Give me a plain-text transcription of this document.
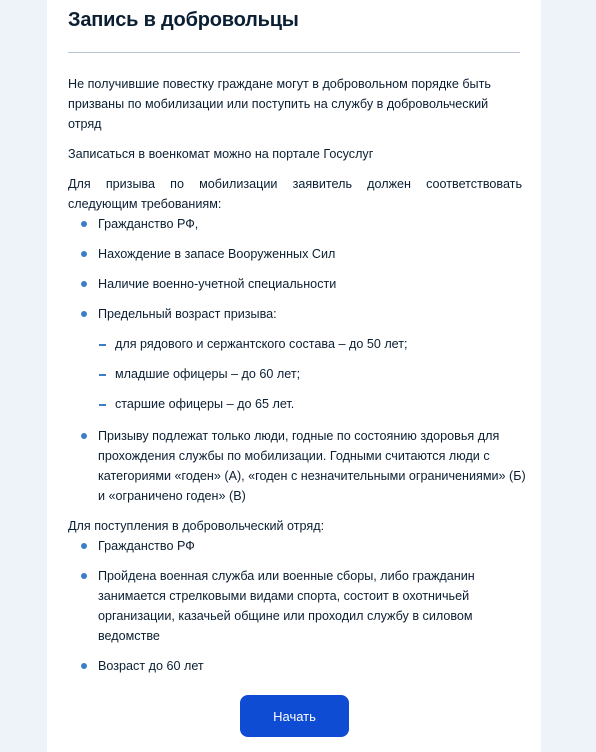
Запись в добровольцы

Не получившие повестку граждане могут в добровольном порядке быть призваны по мобилизации или поступить на службу в добровольческий отряд

Записаться в военкомат можно на портале Госуслуг

Для призыва по мобилизации заявитель должен соответствовать следующим требованиям:

Гражданство РФ,
Нахождение в запасе Вооруженных Сил
Наличие военно-учетной специальности
Предельный возраст призыва:
для рядового и сержантского состава – до 50 лет;
младшие офицеры – до 60 лет;
старшие офицеры – до 65 лет.
Призыву подлежат только люди, годные по состоянию здоровья для прохождения службы по мобилизации. Годными считаются люди с категориями «годен» (А), «годен с незначительными ограничениями» (Б) и «ограничено годен» (В)

Для поступления в добровольческий отряд:

Гражданство РФ
Пройдена военная служба или военные сборы, либо гражданин занимается стрелковыми видами спорта, состоит в охотничьей организации, казачьей общине или проходил службу в силовом ведомстве
Возраст до 60 лет
Начать
